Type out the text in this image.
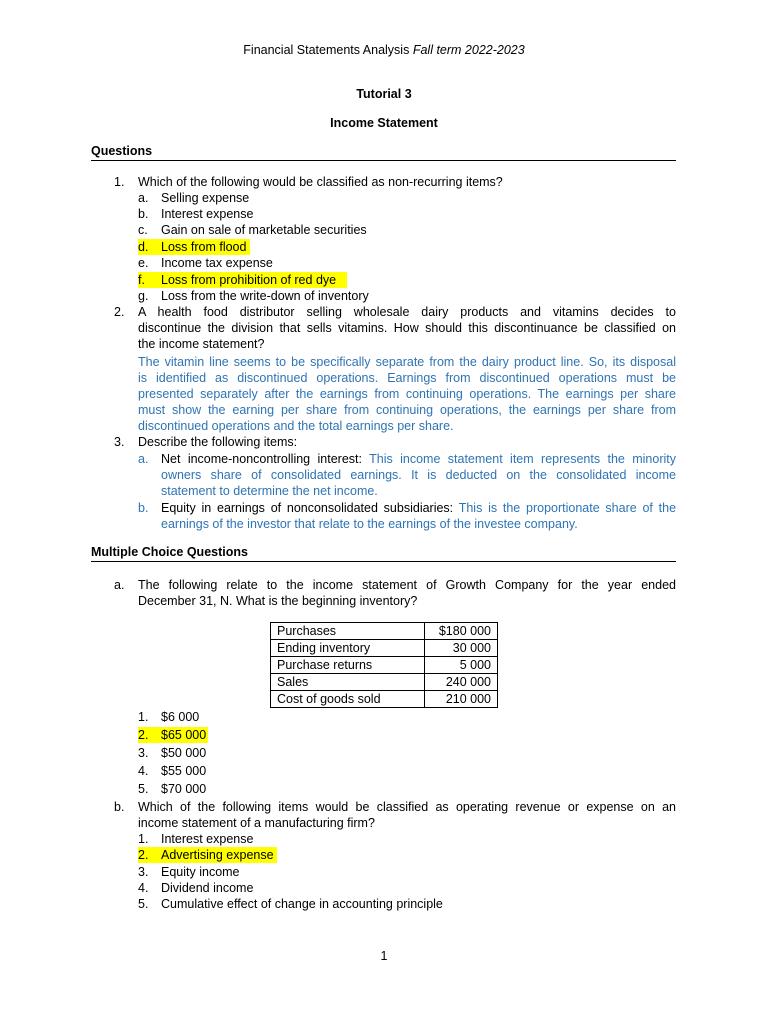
Financial Statements Analysis Fall term 2022-2023
Tutorial 3
Income Statement
Questions
1. Which of the following would be classified as non-recurring items?
a. Selling expense
b. Interest expense
c. Gain on sale of marketable securities
d. Loss from flood
e. Income tax expense
f. Loss from prohibition of red dye
g. Loss from the write-down of inventory
2. A health food distributor selling wholesale dairy products and vitamins decides to
discontinue the division that sells vitamins. How should this discontinuance be classified on
the income statement?
The vitamin line seems to be specifically separate from the dairy product line. So, its disposal
is identified as discontinued operations. Earnings from discontinued operations must be
presented separately after the earnings from continuing operations. The earnings per share
must show the earning per share from continuing operations, the earnings per share from
discontinued operations and the total earnings per share.
3. Describe the following items:
a. Net income-noncontrolling interest: This income statement item represents the minority
owners share of consolidated earnings. It is deducted on the consolidated income
statement to determine the net income.
b. Equity in earnings of nonconsolidated subsidiaries: This is the proportionate share of the
earnings of the investor that relate to the earnings of the investee company.
Multiple Choice Questions
a. The following relate to the income statement of Growth Company for the year ended
December 31, N. What is the beginning inventory?
Purchases	$180 000
Ending inventory	30 000
Purchase returns	5 000
Sales	240 000
Cost of goods sold	210 000
1. $6 000
2. $65 000
3. $50 000
4. $55 000
5. $70 000
b. Which of the following items would be classified as operating revenue or expense on an
income statement of a manufacturing firm?
1. Interest expense
2. Advertising expense
3. Equity income
4. Dividend income
5. Cumulative effect of change in accounting principle
1
